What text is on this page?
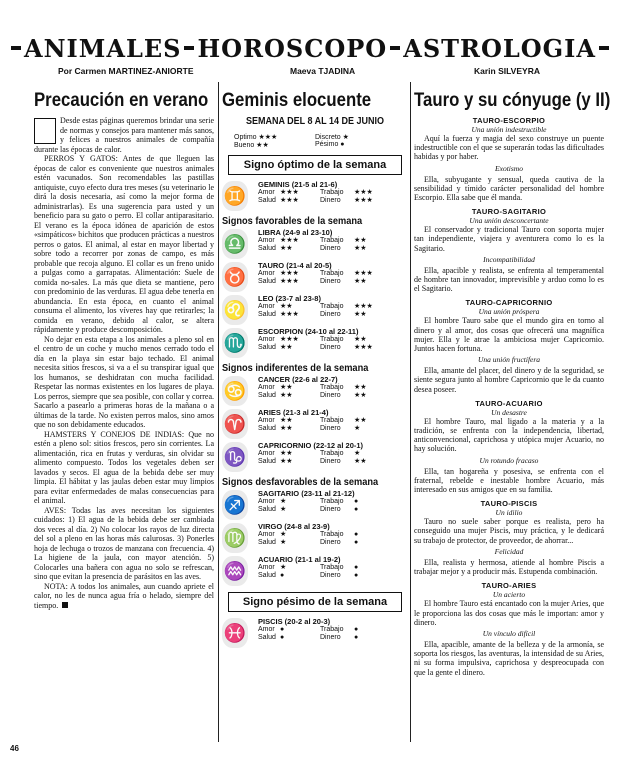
ANIMALES HOROSCOPO ASTROLOGIA
Por Carmen MARTINEZ-ANIORTE	Maeva TJADINA	Karin SILVEYRA
Precaución en verano

Desde estas páginas queremos brindar una serie de normas y consejos para mantener más sanos, y felices a nuestros animales de compañía durante las épocas de calor.

PERROS Y GATOS: Antes de que lleguen las épocas de calor es conveniente que nuestros animales estén vacunados. Son recomendables las pastillas antiquiste, cuyo efecto dura tres meses (su veterinario le dirá la dosis necesaria, así como la mejor forma de administrarlas). Es una sugerencia para usted y un beneficio para su gato o perro. El collar antiparasitario. El verano es la época idónea de aparición de estos «simpáticos» bichitos que producen prácticas a nuestros perros o gatos. El animal, al estar en mayor libertad y sobre todo a recorrer por zonas de campo, es más probable que recoja alguno. El collar es un freno unido a pulgas como a garrapatas. Alimentación: Suele de comida no-sales. La más que dieta se mantiene, pero con predominio de las verduras. El agua debe tenerla en abundancia. En esta época, en cuanto el animal consuma el alimento, los víveres hay que retirarles; la comida en verano, debido al calor, se altera rápidamente y produce descomposición.

No dejar en esta etapa a los animales a pleno sol en el centro de un coche y mucho menos cerrado todo el día en la playa sin estar bajo techado. El animal necesita sitios frescos, si va a el su transpirar igual que los humanos, se deshidratan con mucha facilidad. Respetar las normas existentes en los lugares de playa. Los perros, siempre que sea posible, con collar y correa. Sacarlo a pasearlo a primeras horas de la mañana o a últimas de la tarde. No existen perros malos, sino amos que no son debidamente educados.

HAMSTERS Y CONEJOS DE INDIAS: Que no estén a pleno sol: sitios frescos, pero sin corrientes. La alimentación, rica en frutas y verduras, sin olvidar su alimento compuesto. Todos los vegetales deben ser lavados y secos. El agua de la bebida debe ser muy limpia. El hábitat y las jaulas deben estar muy limpios para evitar enfermedades de malas consecuencias para el animal.

AVES: Todas las aves necesitan los siguientes cuidados: 1) El agua de la bebida debe ser cambiada dos veces al día. 2) No colocar los rayos de luz directa del sol a pleno en las horas más calurosas. 3) Ponerles hoja de lechuga o trozos de manzana con frecuencia. 4) La higiene de la jaula, con mayor atención. 5) Colocarles una bañera con agua no solo se refrescan, sino que evitan la presencia de parásitos en las aves.

NOTA: A todos los animales, aun cuando apriete el calor, no les de nunca agua fría o helado, siempre del tiempo.

Geminis elocuente
SEMANA DEL 8 AL 14 DE JUNIO
Optimo ★★★	Discreto ★
Bueno ★★	Pésimo ●
Signo óptimo de la semana
♊
GEMINIS (21-5 al 21-6)
Amor ★★★	Trabajo	★★★
Salud ★★★	Dinero	★★★
Signos favorables de la semana
♎
LIBRA (24-9 al 23-10)
Amor ★★★	Trabajo	★★
Salud ★★	Dinero	★★
♉
TAURO (21-4 al 20-5)
Amor ★★★	Trabajo	★★★
Salud ★★★	Dinero	★★
♌
LEO (23-7 al 23-8)
Amor ★★	Trabajo	★★★
Salud ★★★	Dinero	★★
♏
ESCORPION (24-10 al 22-11)
Amor ★★★	Trabajo	★★
Salud ★★	Dinero	★★★
Signos indiferentes de la semana
♋
CANCER (22-6 al 22-7)
Amor ★★	Trabajo	★★
Salud ★★	Dinero	★★
♈
ARIES (21-3 al 21-4)
Amor ★★	Trabajo	★★
Salud ★★	Dinero	★
♑
CAPRICORNIO (22-12 al 20-1)
Amor ★★	Trabajo	★
Salud ★★	Dinero	★★
Signos desfavorables de la semana
♐
SAGITARIO (23-11 al 21-12)
Amor ★	Trabajo	●
Salud ★	Dinero	●
♍
VIRGO (24-8 al 23-9)
Amor ★	Trabajo	●
Salud ★	Dinero	●
♒
ACUARIO (21-1 al 19-2)
Amor ★	Trabajo	●
Salud ●	Dinero	●
Signo pésimo de la semana
♓
PISCIS (20-2 al 20-3)
Amor ●	Trabajo	●
Salud ●	Dinero	●
Tauro y su cónyuge (y II)
TAURO-ESCORPIO
Una unión indestructible
Aquí la fuerza y magia del sexo construye un puente indestructible con el que se superarán todas las dificultades habidas y por haber.
Exotismo
Ella, subyugante y sensual, queda cautiva de la sensibilidad y tímido carácter personalidad del hombre Escorpio. Ella sabe que él manda.
TAURO-SAGITARIO
Una unión desconcertante
El conservador y tradicional Tauro con soporta mujer tan independiente, viajera y aventurera como lo es la Sagitario.
Incompatibilidad
Ella, apacible y realista, se enfrenta al temperamental de hombre tan innovador, imprevisible y arduo como lo es el Sagitario.
TAURO-CAPRICORNIO
Una unión próspera
El hombre Tauro sabe que el mundo gira en torno al dinero y al amor, dos cosas que ofrecerá una magnífica mujer. Ella y le atrae la ambiciosa mujer Capricornio. Juntos hacen fortuna.
Una unión fructífera
Ella, amante del placer, del dinero y de la seguridad, se siente segura junto al hombre Capricornio que le da cuanto desea poseer.
TAURO-ACUARIO
Un desastre
El hombre Tauro, mal ligado a la materia y a la tradición, se enfrenta con la independencia, libertad, anticonvencional, caprichosa y utópica mujer Acuario, no hay solución.
Un rotundo fracaso
Ella, tan hogareña y posesiva, se enfrenta con el fraternal, rebelde e inestable hombre Acuario, más interesado en sus amigos que en su familia.
TAURO-PISCIS
Un idilio
Tauro no suele saber porque es realista, pero ha conseguido una mujer Piscis, muy práctica, y le dedicará su trabajo de protector, de proveedor, de ahorrar...
Felicidad
Ella, realista y hermosa, atiende al hombre Piscis a trabajar mejor y a producir más. Estupenda combinación.
TAURO-ARIES
Un acierto
El hombre Tauro está encantado con la mujer Aries, que le proporciona las dos cosas que más le importan: amor y dinero.
Un vínculo difícil
Ella, apacible, amante de la belleza y de la armonía, se soporta los riesgos, las aventuras, la intensidad de su Aries, ni su forma impulsiva, caprichosa y despreocupada con que la gente el dinero.
46
